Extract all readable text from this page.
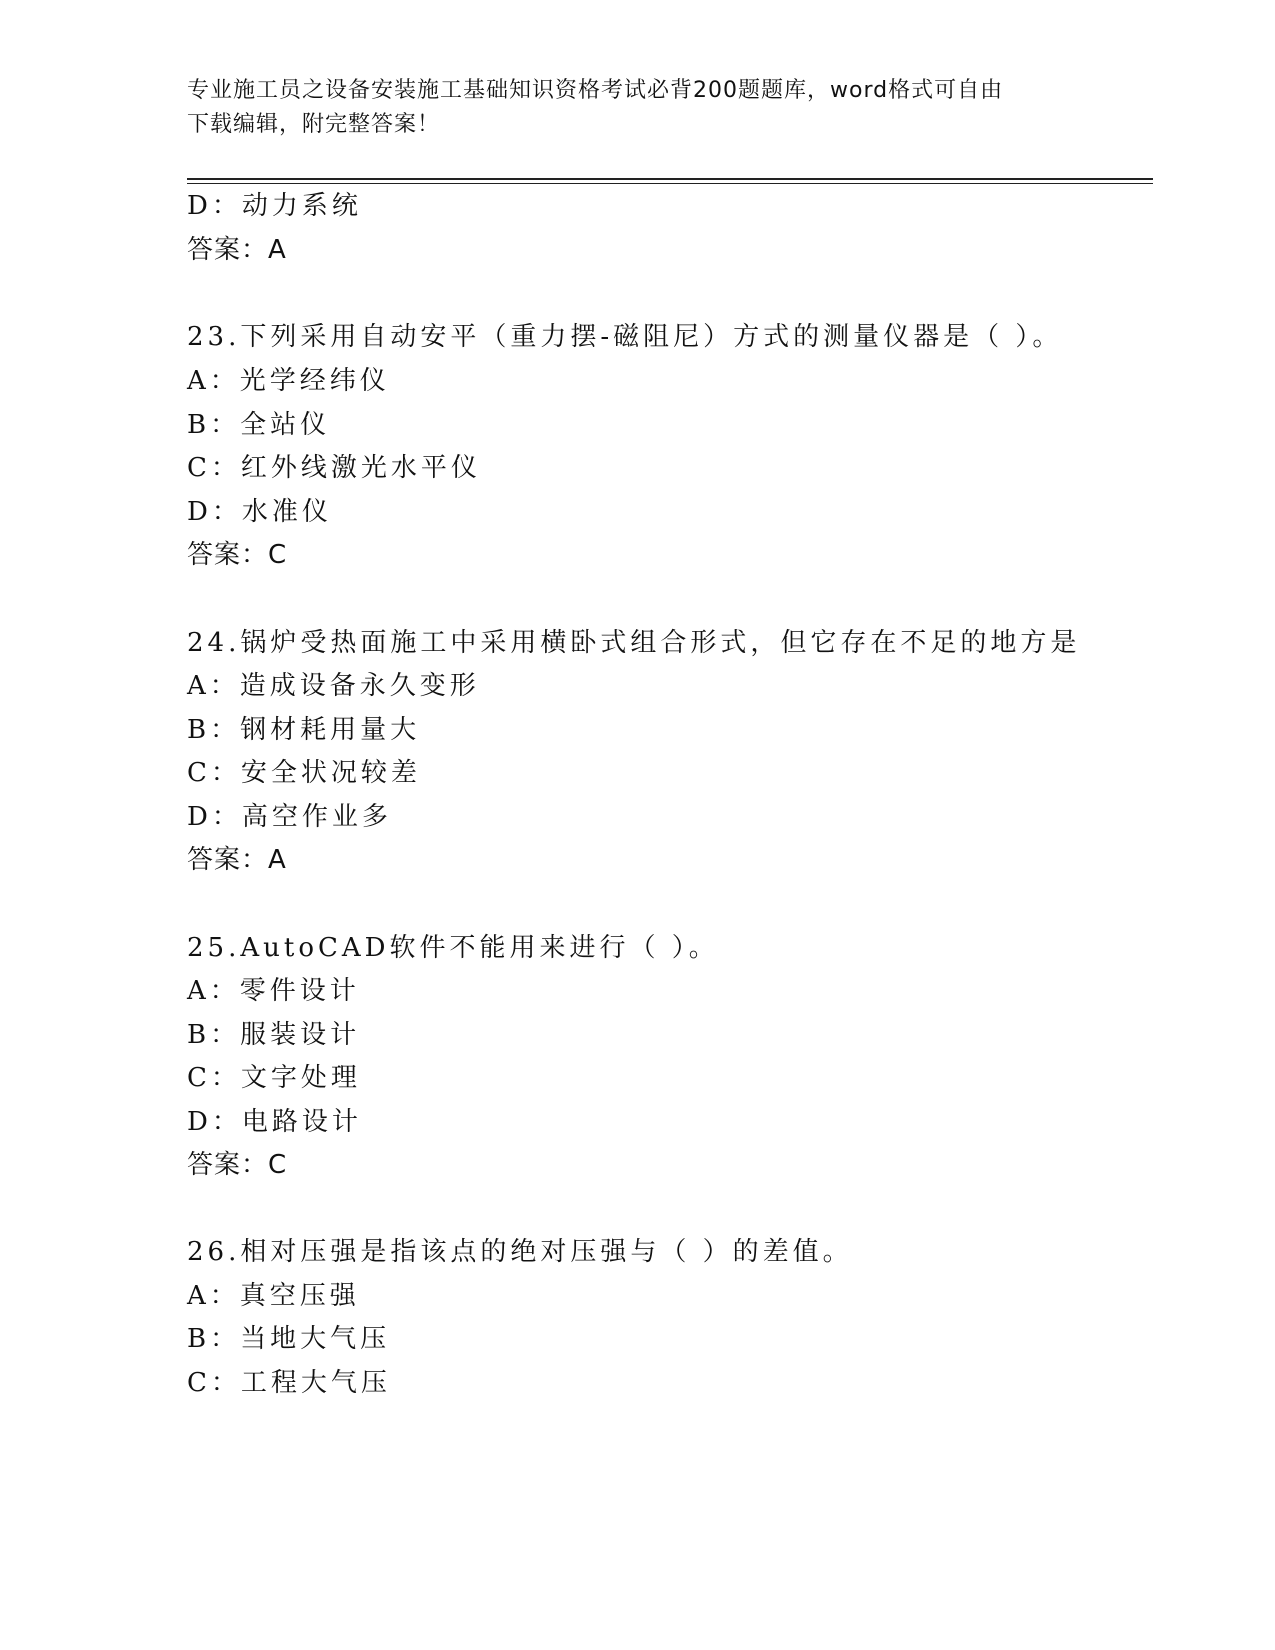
专业施工员之设备安装施工基础知识资格考试必背200题题库，word格式可自由
下载编辑，附完整答案！
D：动力系统
答案：A
23.下列采用自动安平（重力摆-磁阻尼）方式的测量仪器是（ ）。
A：光学经纬仪
B：全站仪
C：红外线激光水平仪
D：水准仪
答案：C
24.锅炉受热面施工中采用横卧式组合形式，但它存在不足的地方是
A：造成设备永久变形
B：钢材耗用量大
C：安全状况较差
D：高空作业多
答案：A
25.AutoCAD软件不能用来进行（ ）。
A：零件设计
B：服装设计
C：文字处理
D：电路设计
答案：C
26.相对压强是指该点的绝对压强与（ ）的差值。
A：真空压强
B：当地大气压
C：工程大气压
